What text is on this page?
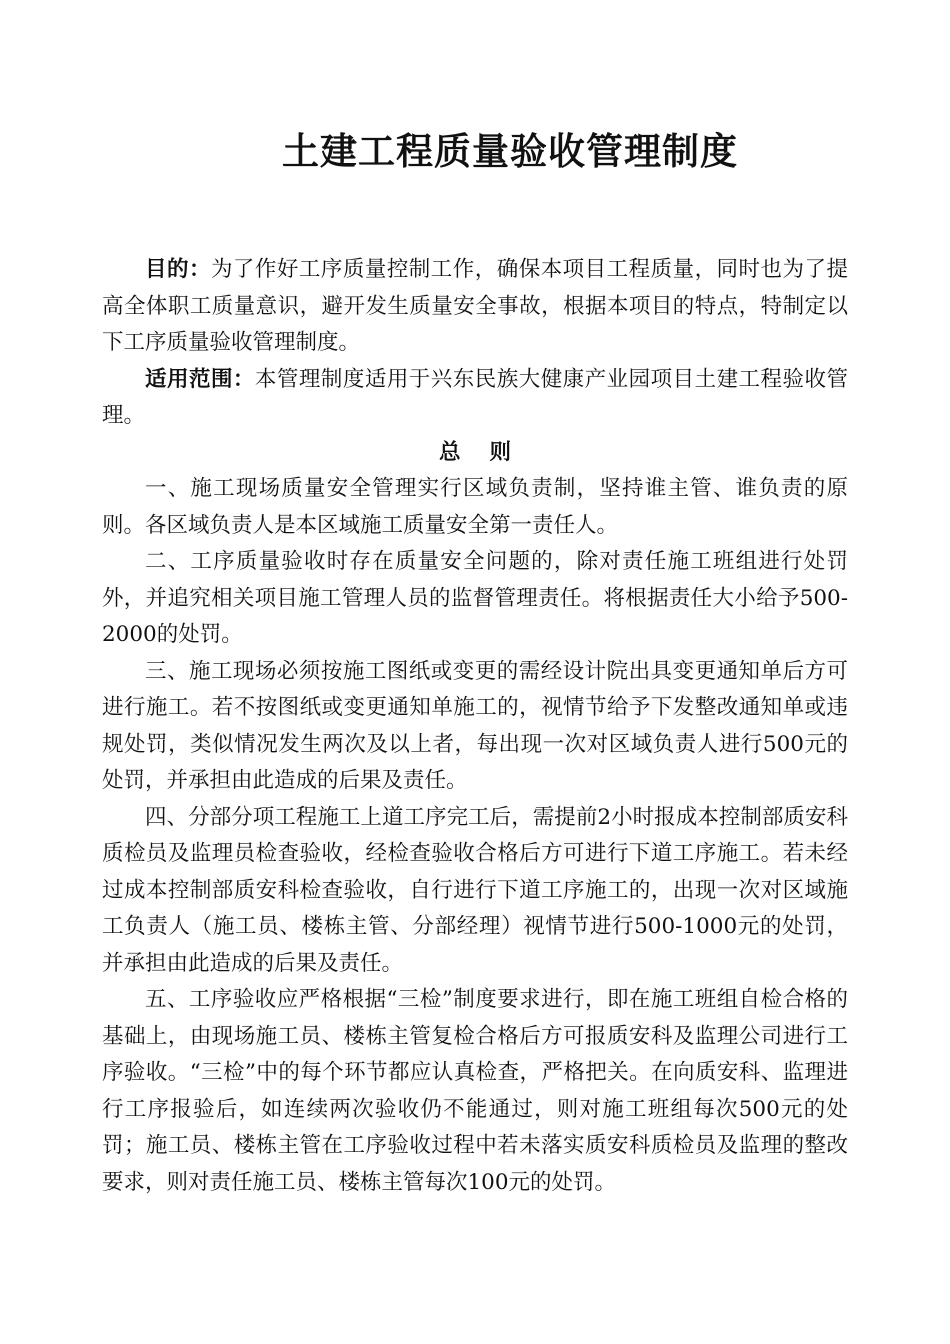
土建工程质量验收管理制度

目的：为了作好工序质量控制工作，确保本项目工程质量，同时也为了提高全体职工质量意识，避开发生质量安全事故，根据本项目的特点，特制定以下工序质量验收管理制度。

适用范围：本管理制度适用于兴东民族大健康产业园项目土建工程验收管理。

总 则

一、施工现场质量安全管理实行区域负责制，坚持谁主管、谁负责的原则。各区域负责人是本区域施工质量安全第一责任人。

二、工序质量验收时存在质量安全问题的，除对责任施工班组进行处罚外，并追究相关项目施工管理人员的监督管理责任。将根据责任大小给予500-2000的处罚。

三、施工现场必须按施工图纸或变更的需经设计院出具变更通知单后方可进行施工。若不按图纸或变更通知单施工的，视情节给予下发整改通知单或违规处罚，类似情况发生两次及以上者，每出现一次对区域负责人进行500元的处罚，并承担由此造成的后果及责任。

四、分部分项工程施工上道工序完工后，需提前2小时报成本控制部质安科质检员及监理员检查验收，经检查验收合格后方可进行下道工序施工。若未经过成本控制部质安科检查验收，自行进行下道工序施工的，出现一次对区域施工负责人（施工员、楼栋主管、分部经理）视情节进行500-1000元的处罚，并承担由此造成的后果及责任。

五、工序验收应严格根据“三检”制度要求进行，即在施工班组自检合格的基础上，由现场施工员、楼栋主管复检合格后方可报质安科及监理公司进行工序验收。“三检”中的每个环节都应认真检查，严格把关。在向质安科、监理进行工序报验后，如连续两次验收仍不能通过，则对施工班组每次500元的处罚；施工员、楼栋主管在工序验收过程中若未落实质安科质检员及监理的整改要求，则对责任施工员、楼栋主管每次100元的处罚。
